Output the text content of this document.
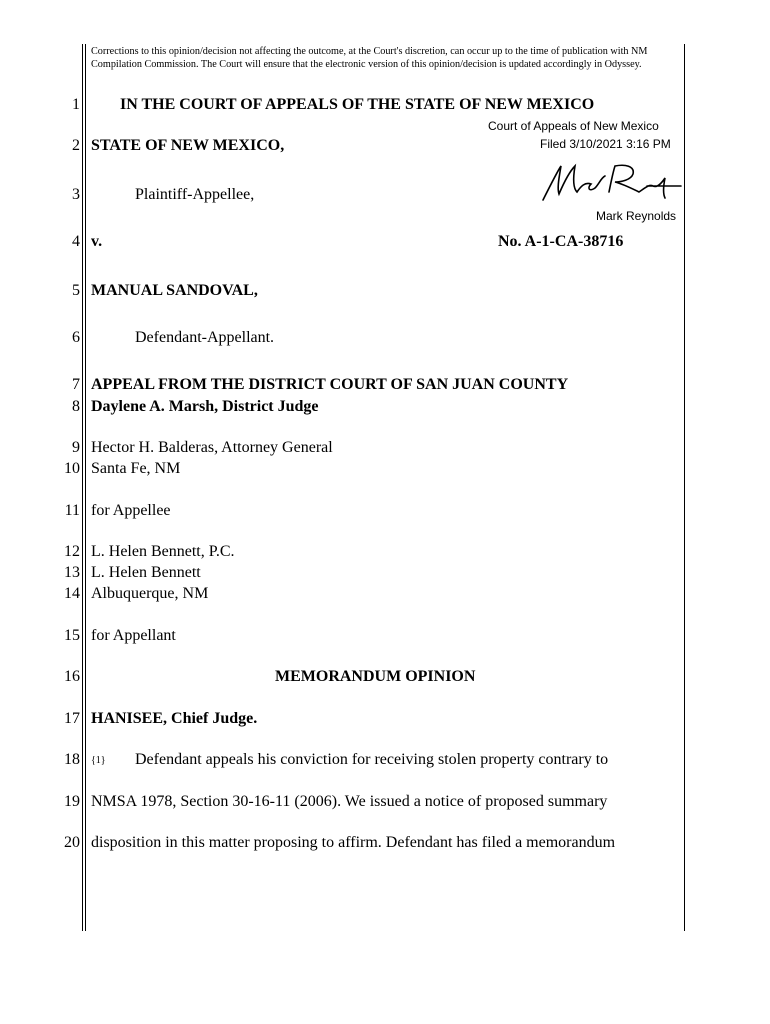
Corrections to this opinion/decision not affecting the outcome, at the Court's discretion, can occur up to the time of publication with NM Compilation Commission. The Court will ensure that the electronic version of this opinion/decision is updated accordingly in Odyssey.
1
2
3
4
5
6
7
8
9
10
11
12
13
14
15
16
17
18
19
20
IN THE COURT OF APPEALS OF THE STATE OF NEW MEXICO
Court of Appeals of New Mexico
Filed 3/10/2021 3:16 PM
Mark Reynolds
STATE OF NEW MEXICO,
Plaintiff-Appellee,
v.	No. A-1-CA-38716
MANUAL SANDOVAL,
Defendant-Appellant.
APPEAL FROM THE DISTRICT COURT OF SAN JUAN COUNTY
Daylene A. Marsh, District Judge
Hector H. Balderas, Attorney General
Santa Fe, NM
for Appellee
L. Helen Bennett, P.C.
L. Helen Bennett
Albuquerque, NM
for Appellant
MEMORANDUM OPINION
HANISEE, Chief Judge.
{1} Defendant appeals his conviction for receiving stolen property contrary to
NMSA 1978, Section 30-16-11 (2006). We issued a notice of proposed summary
disposition in this matter proposing to affirm. Defendant has filed a memorandum
